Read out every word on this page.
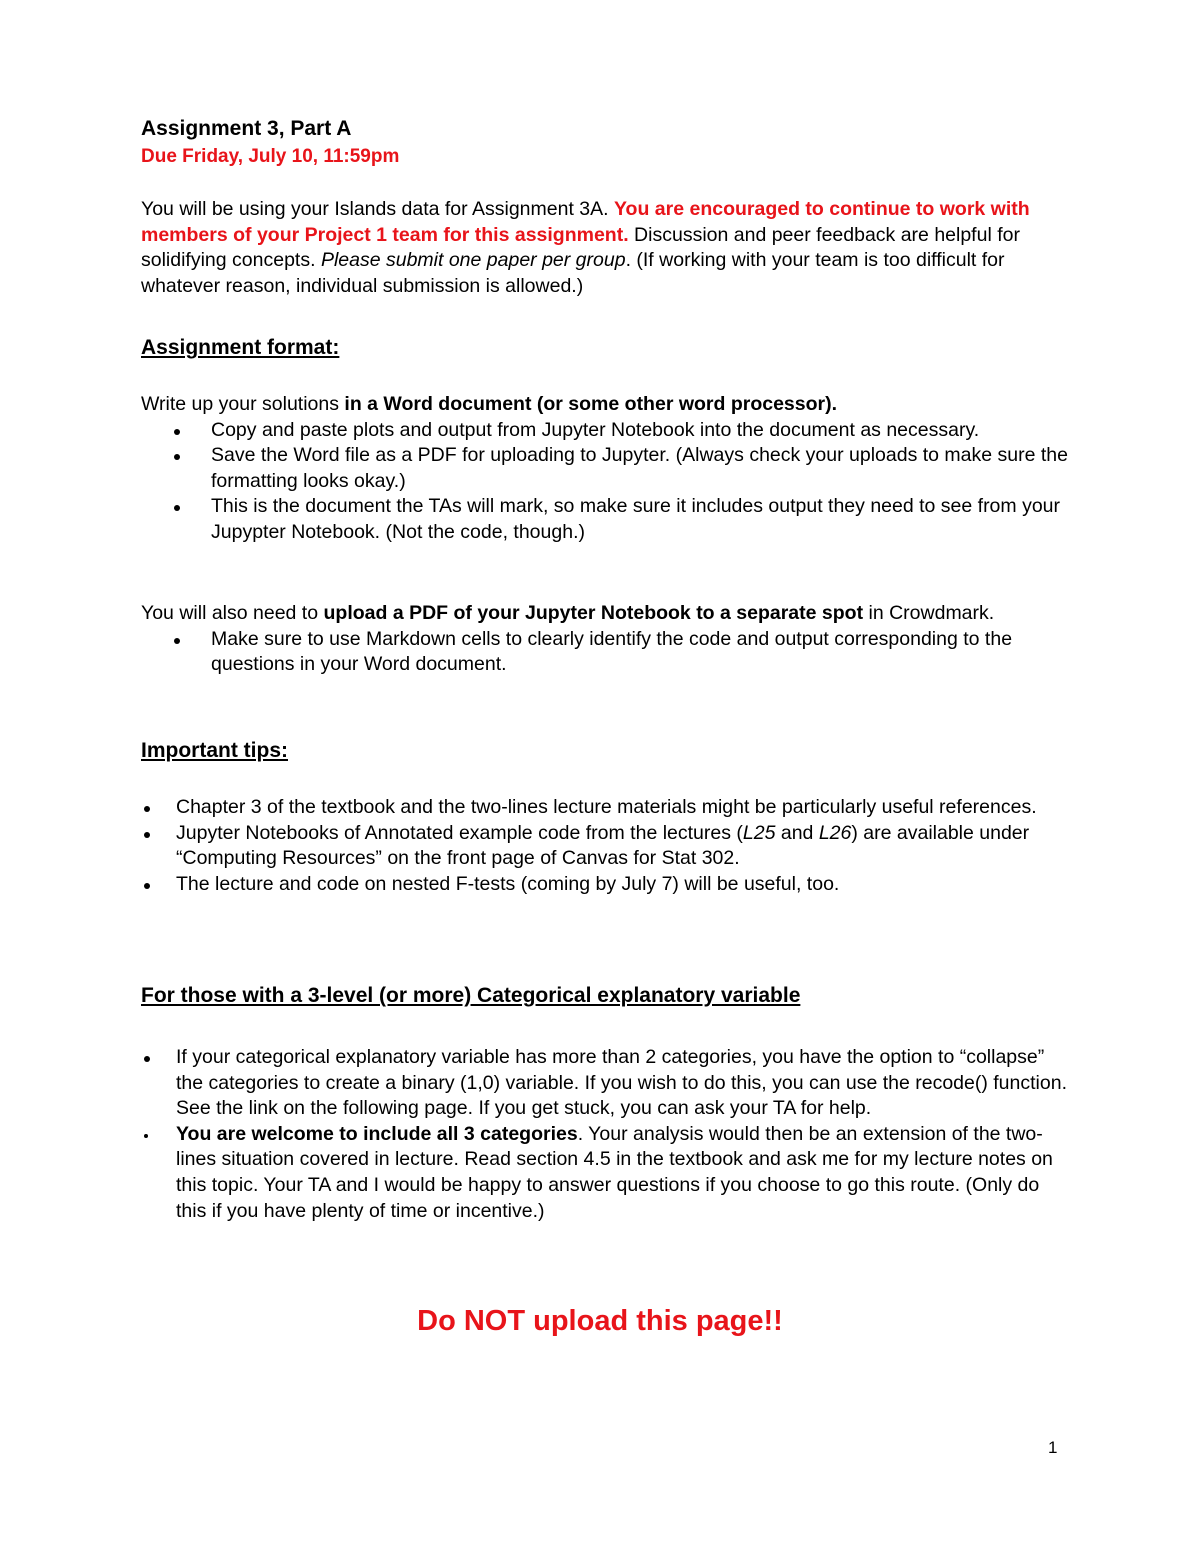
Assignment 3, Part A
Due Friday, July 10, 11:59pm
You will be using your Islands data for Assignment 3A. You are encouraged to continue to work with members of your Project 1 team for this assignment. Discussion and peer feedback are helpful for solidifying concepts. Please submit one paper per group. (If working with your team is too difficult for whatever reason, individual submission is allowed.)
Assignment format:
Write up your solutions in a Word document (or some other word processor).
Copy and paste plots and output from Jupyter Notebook into the document as necessary.
Save the Word file as a PDF for uploading to Jupyter. (Always check your uploads to make sure the formatting looks okay.)
This is the document the TAs will mark, so make sure it includes output they need to see from your Jupypter Notebook. (Not the code, though.)
You will also need to upload a PDF of your Jupyter Notebook to a separate spot in Crowdmark.
Make sure to use Markdown cells to clearly identify the code and output corresponding to the questions in your Word document.
Important tips:
Chapter 3 of the textbook and the two-lines lecture materials might be particularly useful references.
Jupyter Notebooks of Annotated example code from the lectures (L25 and L26) are available under “Computing Resources” on the front page of Canvas for Stat 302.
The lecture and code on nested F-tests (coming by July 7) will be useful, too.
For those with a 3-level (or more) Categorical explanatory variable
If your categorical explanatory variable has more than 2 categories, you have the option to “collapse” the categories to create a binary (1,0) variable. If you wish to do this, you can use the recode() function. See the link on the following page. If you get stuck, you can ask your TA for help.
You are welcome to include all 3 categories. Your analysis would then be an extension of the two-lines situation covered in lecture. Read section 4.5 in the textbook and ask me for my lecture notes on this topic. Your TA and I would be happy to answer questions if you choose to go this route. (Only do this if you have plenty of time or incentive.)
Do NOT upload this page!!
1
